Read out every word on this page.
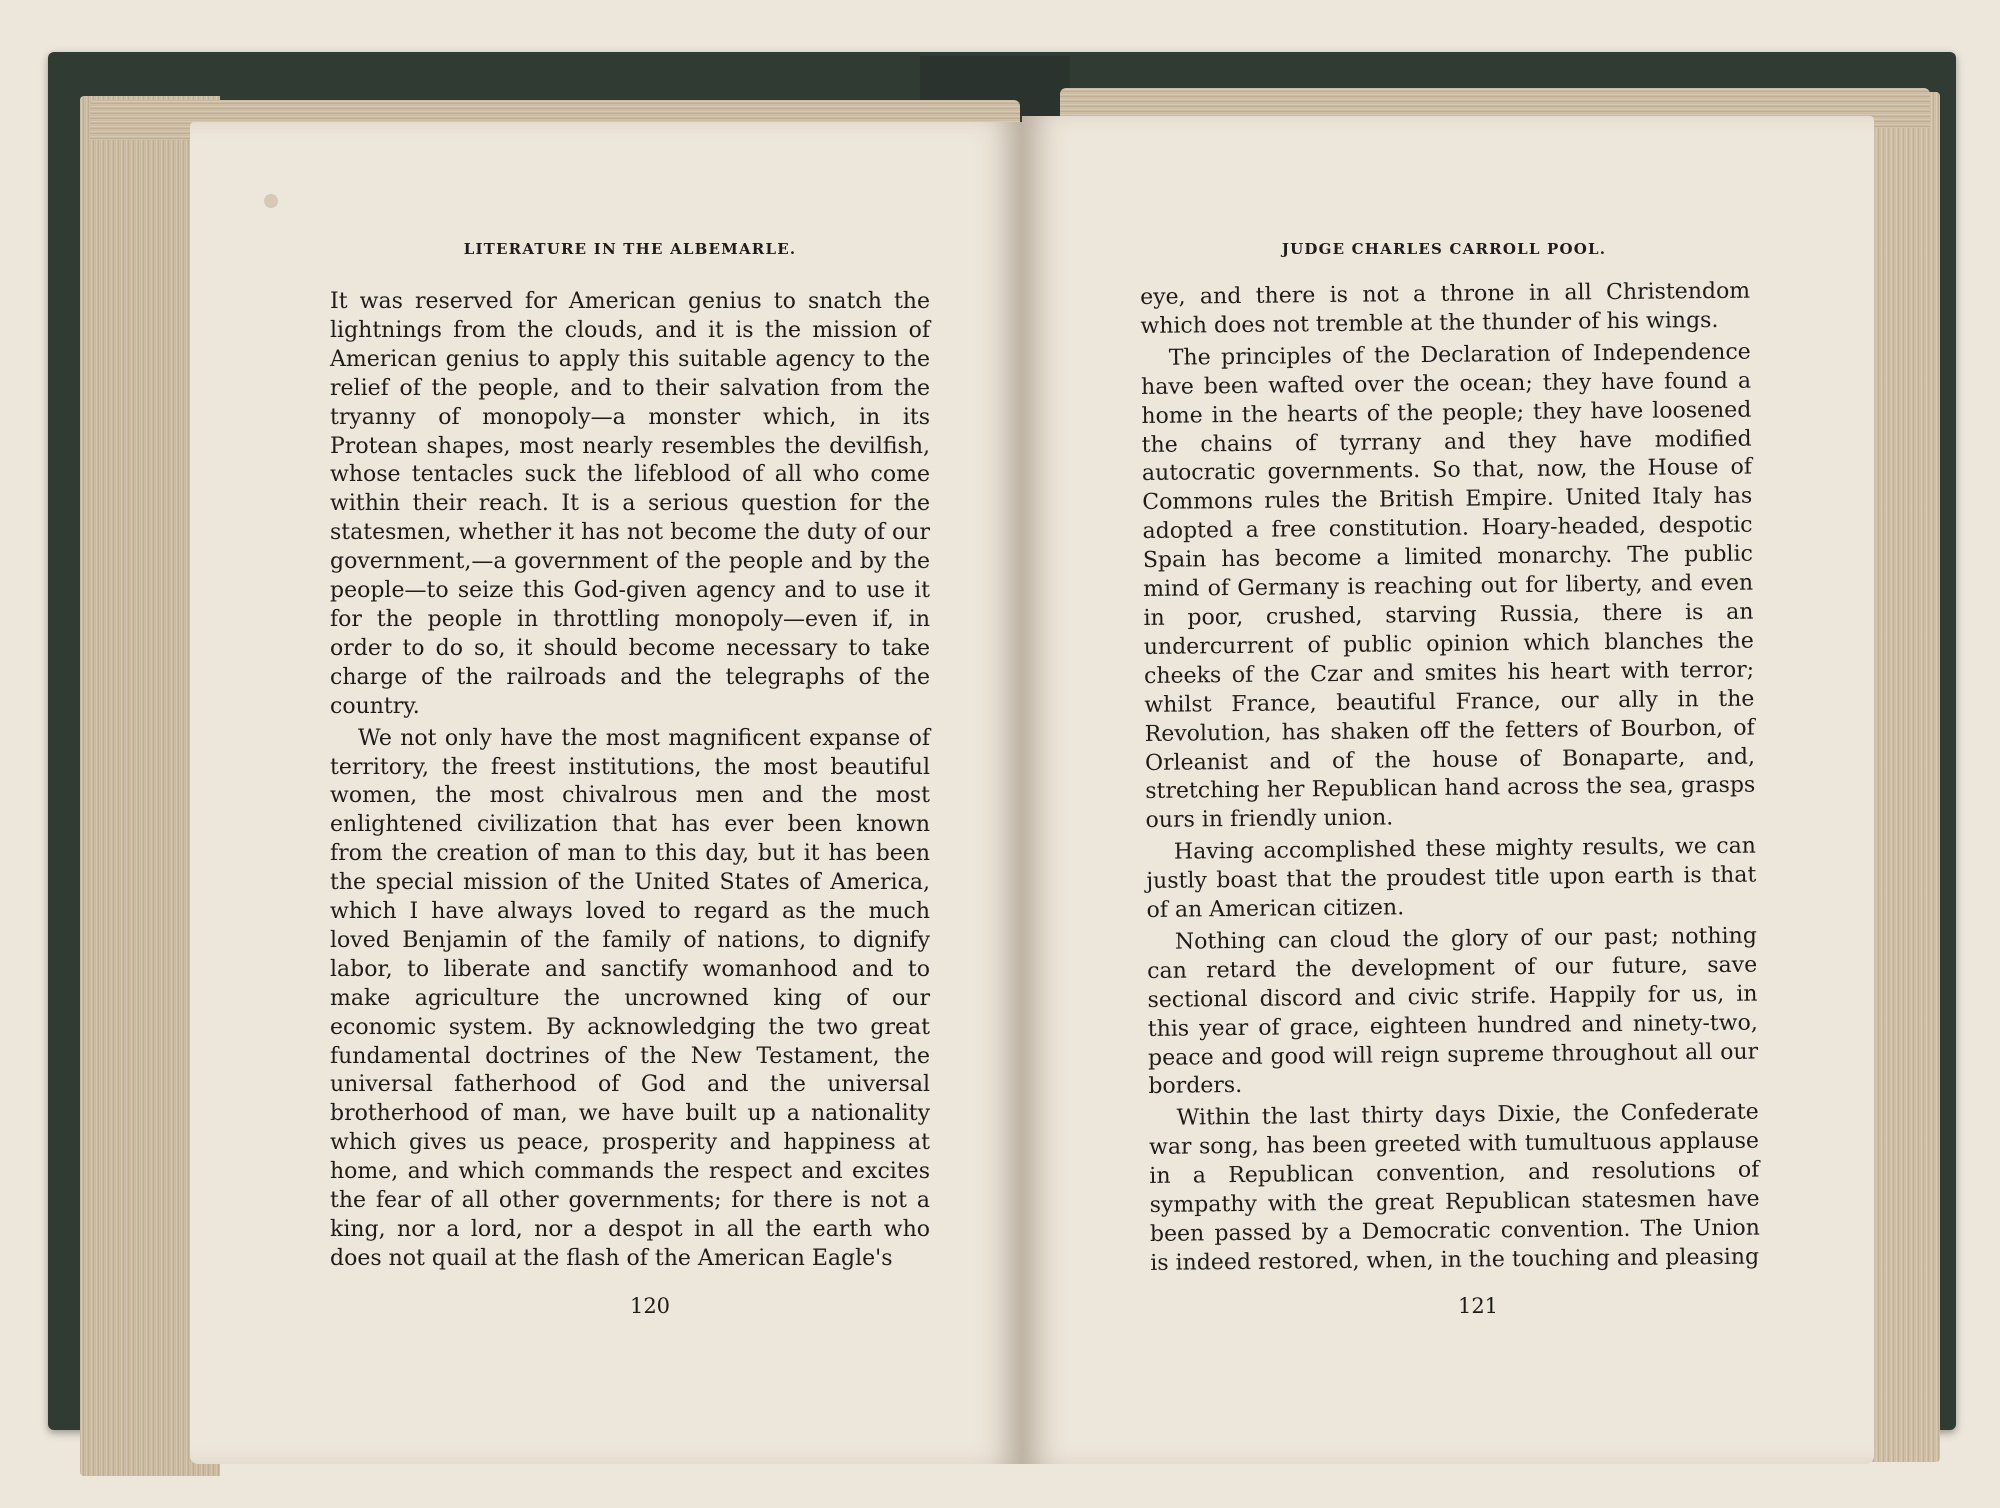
LITERATURE IN THE ALBEMARLE.

It was reserved for American genius to snatch the lightnings from the clouds, and it is the mission of American genius to apply this suitable agency to the relief of the people, and to their salvation from the tryanny of monopoly—a monster which, in its Protean shapes, most nearly resembles the devilfish, whose tentacles suck the lifeblood of all who come within their reach. It is a serious question for the statesmen, whether it has not become the duty of our government,—a government of the people and by the people—to seize this God-given agency and to use it for the people in throttling monopoly—even if, in order to do so, it should become necessary to take charge of the railroads and the telegraphs of the country.

We not only have the most magnificent expanse of territory, the freest institutions, the most beautiful women, the most chivalrous men and the most enlightened civilization that has ever been known from the creation of man to this day, but it has been the special mission of the United States of America, which I have always loved to regard as the much loved Benjamin of the family of nations, to dignify labor, to liberate and sanctify womanhood and to make agriculture the uncrowned king of our economic system. By acknowledging the two great fundamental doctrines of the New Testament, the universal fatherhood of God and the universal brotherhood of man, we have built up a nationality which gives us peace, prosperity and happiness at home, and which commands the respect and excites the fear of all other governments; for there is not a king, nor a lord, nor a despot in all the earth who does not quail at the flash of the American Eagle's

120
JUDGE CHARLES CARROLL POOL.

eye, and there is not a throne in all Christendom which does not tremble at the thunder of his wings.

The principles of the Declaration of Independence have been wafted over the ocean; they have found a home in the hearts of the people; they have loosened the chains of tyrrany and they have modified autocratic governments. So that, now, the House of Commons rules the British Empire. United Italy has adopted a free constitution. Hoary-headed, despotic Spain has become a limited monarchy. The public mind of Germany is reaching out for liberty, and even in poor, crushed, starving Russia, there is an undercurrent of public opinion which blanches the cheeks of the Czar and smites his heart with terror; whilst France, beautiful France, our ally in the Revolution, has shaken off the fetters of Bourbon, of Orleanist and of the house of Bonaparte, and, stretching her Republican hand across the sea, grasps ours in friendly union.

Having accomplished these mighty results, we can justly boast that the proudest title upon earth is that of an American citizen.

Nothing can cloud the glory of our past; nothing can retard the development of our future, save sectional discord and civic strife. Happily for us, in this year of grace, eighteen hundred and ninety-two, peace and good will reign supreme throughout all our borders.

Within the last thirty days Dixie, the Confederate war song, has been greeted with tumultuous applause in a Republican convention, and resolutions of sympathy with the great Republican statesmen have been passed by a Democratic convention. The Union is indeed restored, when, in the touching and pleasing

121
